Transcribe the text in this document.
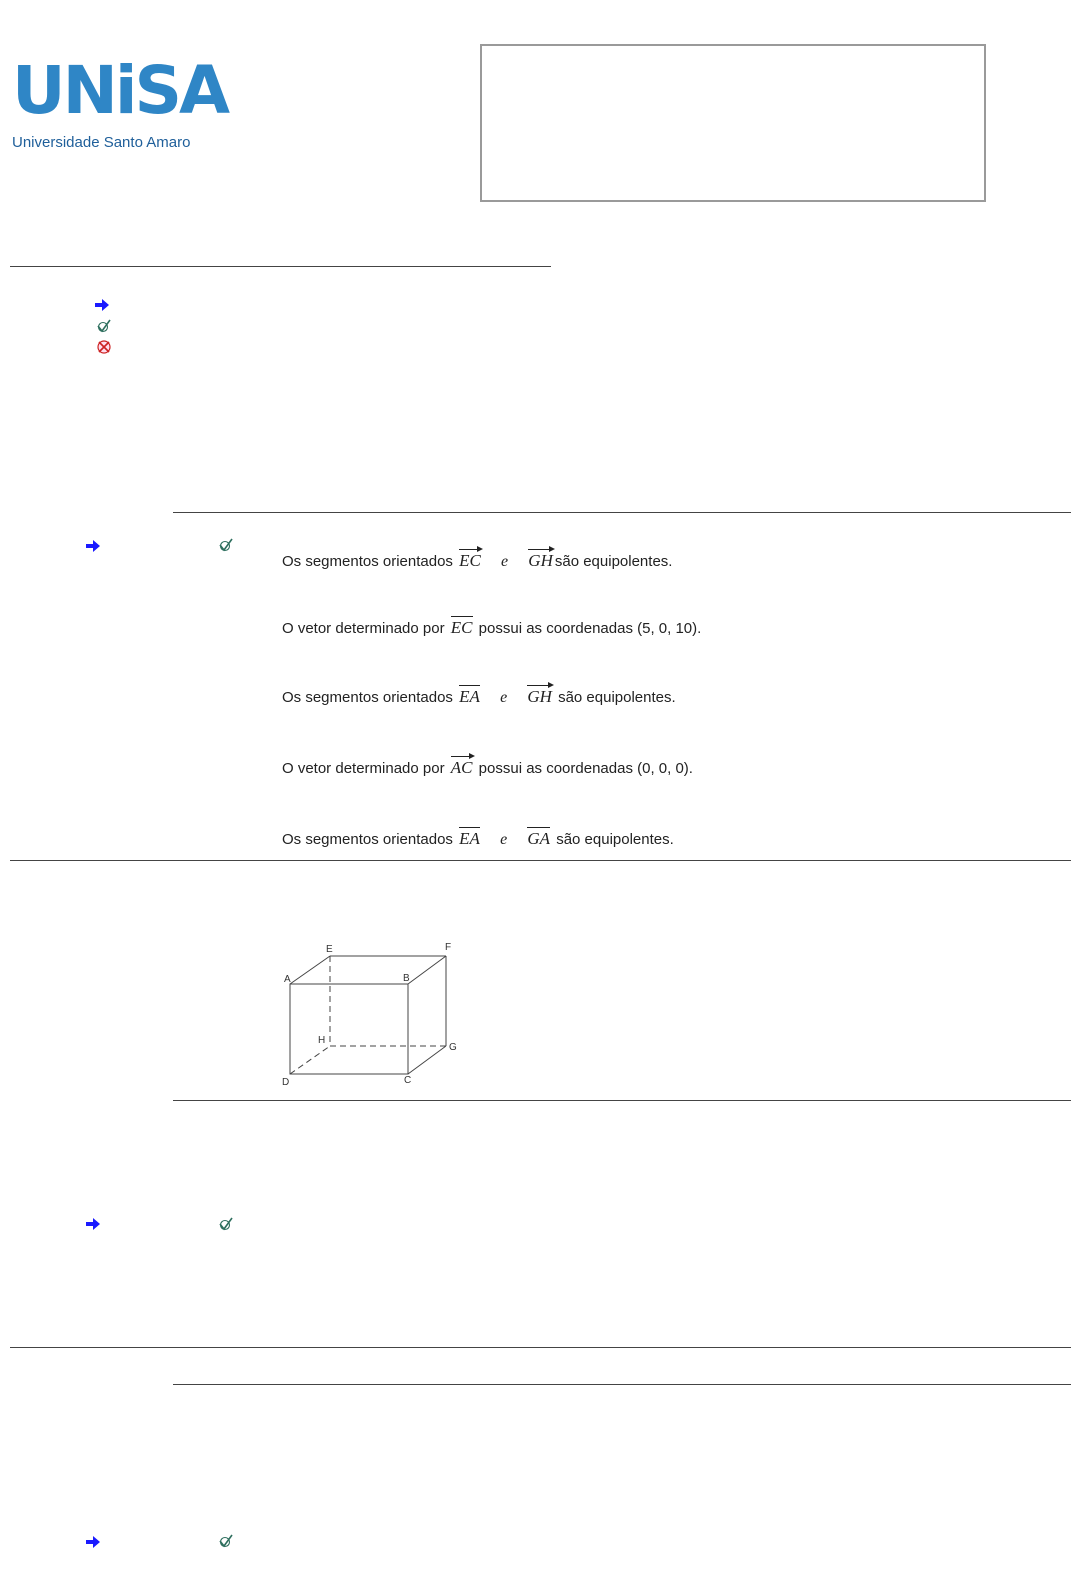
UNiSA
Universidade Santo Amaro
Os segmentos orientados EC e GH são equipolentes.
O vetor determinado por EC possui as coordenadas (5, 0, 10).
Os segmentos orientados EA e GH são equipolentes.
O vetor determinado por AC possui as coordenadas (0, 0, 0).
Os segmentos orientados EA e GA são equipolentes.
E	F
A	B
H
G
D	C
